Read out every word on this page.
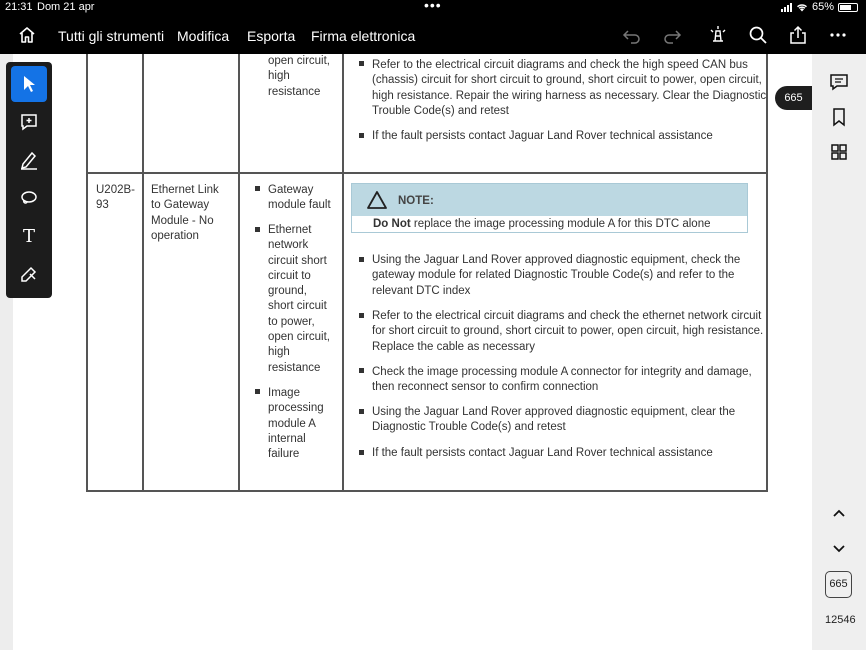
21:31 Dom 21 apr	•••	65%
Tutti gli strumenti Modifica Esporta Firma elettronica
open circuit,
high
resistance
Refer to the electrical circuit diagrams and check the high speed CAN bus
(chassis) circuit for short circuit to ground, short circuit to power, open circuit,
high resistance. Repair the wiring harness as necessary. Clear the Diagnostic
Trouble Code(s) and retest
If the fault persists contact Jaguar Land Rover technical assistance
U202B-
93
Ethernet Link
to Gateway
Module - No
operation
Gateway
module fault
Ethernet
network
circuit short
circuit to
ground,
short circuit
to power,
open circuit,
high
resistance
Image
processing
module A
internal
failure
NOTE:
Do Not replace the image processing module A for this DTC alone
Using the Jaguar Land Rover approved diagnostic equipment, check the
gateway module for related Diagnostic Trouble Code(s) and refer to the
relevant DTC index
Refer to the electrical circuit diagrams and check the ethernet network circuit
for short circuit to ground, short circuit to power, open circuit, high resistance.
Replace the cable as necessary
Check the image processing module A connector for integrity and damage,
then reconnect sensor to confirm connection
Using the Jaguar Land Rover approved diagnostic equipment, clear the
Diagnostic Trouble Code(s) and retest
If the fault persists contact Jaguar Land Rover technical assistance
T
665
665
12546
